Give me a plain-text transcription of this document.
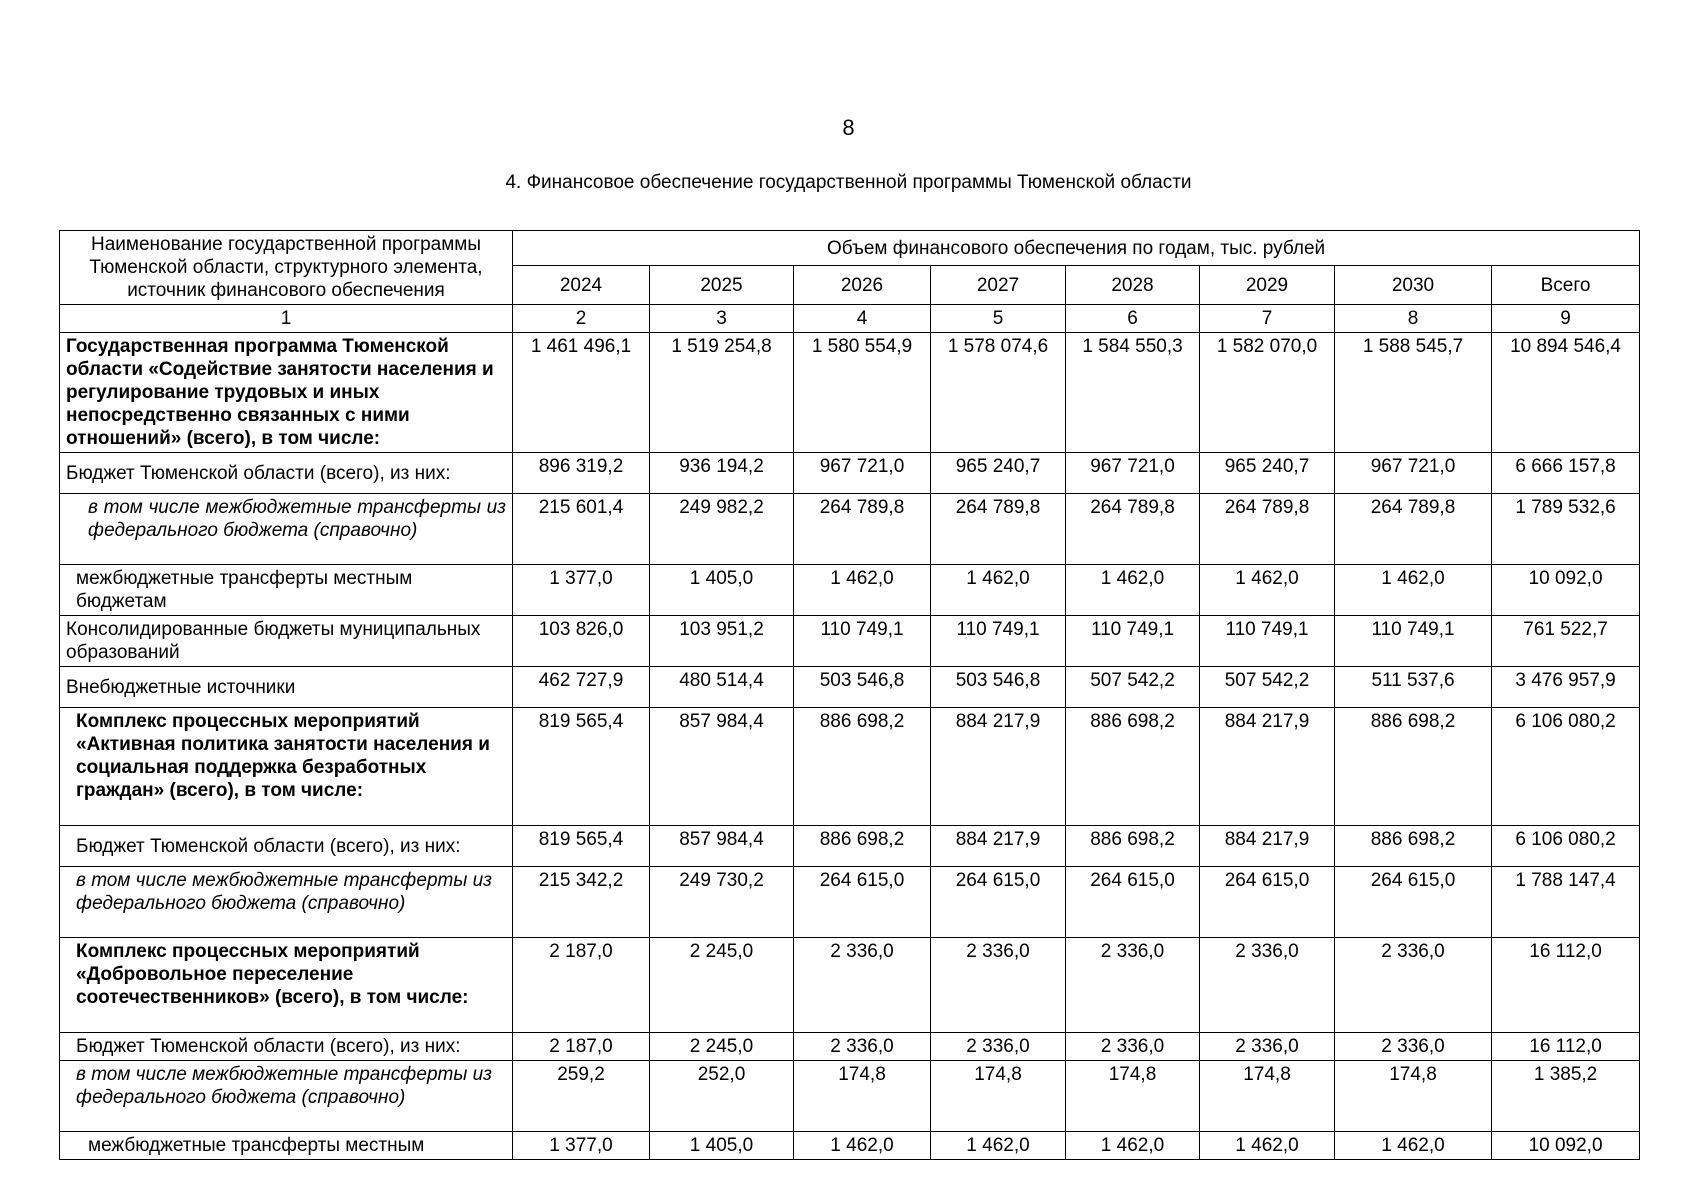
8
4. Финансовое обеспечение государственной программы Тюменской области
Наименование государственной программы Тюменской области, структурного элемента, источник финансового обеспечения	Объем финансового обеспечения по годам, тыс. рублей							
	2024	2025	2026	2027	2028	2029	2030	Всего
1	2	3	4	5	6	7	8	9
Государственная программа Тюменской области «Содействие занятости населения и регулирование трудовых и иных непосредственно связанных с ними отношений» (всего), в том числе:	1 461 496,1	1 519 254,8	1 580 554,9	1 578 074,6	1 584 550,3	1 582 070,0	1 588 545,7	10 894 546,4
Бюджет Тюменской области (всего), из них:	896 319,2	936 194,2	967 721,0	965 240,7	967 721,0	965 240,7	967 721,0	6 666 157,8
в том числе межбюджетные трансферты из федерального бюджета (справочно)	215 601,4	249 982,2	264 789,8	264 789,8	264 789,8	264 789,8	264 789,8	1 789 532,6
межбюджетные трансферты местным бюджетам	1 377,0	1 405,0	1 462,0	1 462,0	1 462,0	1 462,0	1 462,0	10 092,0
Консолидированные бюджеты муниципальных образований	103 826,0	103 951,2	110 749,1	110 749,1	110 749,1	110 749,1	110 749,1	761 522,7
Внебюджетные источники	462 727,9	480 514,4	503 546,8	503 546,8	507 542,2	507 542,2	511 537,6	3 476 957,9
Комплекс процессных мероприятий «Активная политика занятости населения и социальная поддержка безработных граждан» (всего), в том числе:	819 565,4	857 984,4	886 698,2	884 217,9	886 698,2	884 217,9	886 698,2	6 106 080,2
Бюджет Тюменской области (всего), из них:	819 565,4	857 984,4	886 698,2	884 217,9	886 698,2	884 217,9	886 698,2	6 106 080,2
в том числе межбюджетные трансферты из федерального бюджета (справочно)	215 342,2	249 730,2	264 615,0	264 615,0	264 615,0	264 615,0	264 615,0	1 788 147,4
Комплекс процессных мероприятий «Добровольное переселение соотечественников» (всего), в том числе:	2 187,0	2 245,0	2 336,0	2 336,0	2 336,0	2 336,0	2 336,0	16 112,0
Бюджет Тюменской области (всего), из них:	2 187,0	2 245,0	2 336,0	2 336,0	2 336,0	2 336,0	2 336,0	16 112,0
в том числе межбюджетные трансферты из федерального бюджета (справочно)	259,2	252,0	174,8	174,8	174,8	174,8	174,8	1 385,2
межбюджетные трансферты местным	1 377,0	1 405,0	1 462,0	1 462,0	1 462,0	1 462,0	1 462,0	10 092,0
